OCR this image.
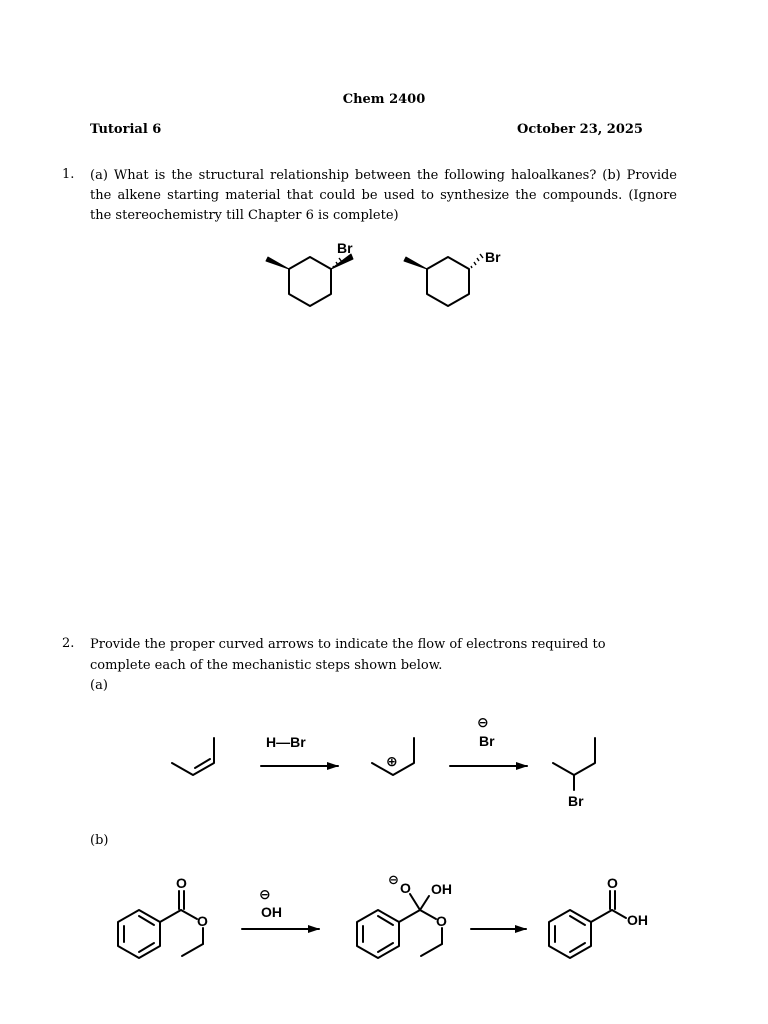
Chem 2400
Tutorial 6	October 23, 2025
1. (a) What is the structural relationship between the following haloalkanes? (b) Provide the alkene starting material that could be used to synthesize the compounds. (Ignore the stereochemistry till Chapter 6 is complete)
Br
Br
2. Provide the proper curved arrows to indicate the flow of electrons required to complete each of the mechanistic steps shown below.
(a)
(b)
H—Br
⊕
⊖
Br
Br
O
O
⊖
OH
⊖
O OH
O
O
OH
